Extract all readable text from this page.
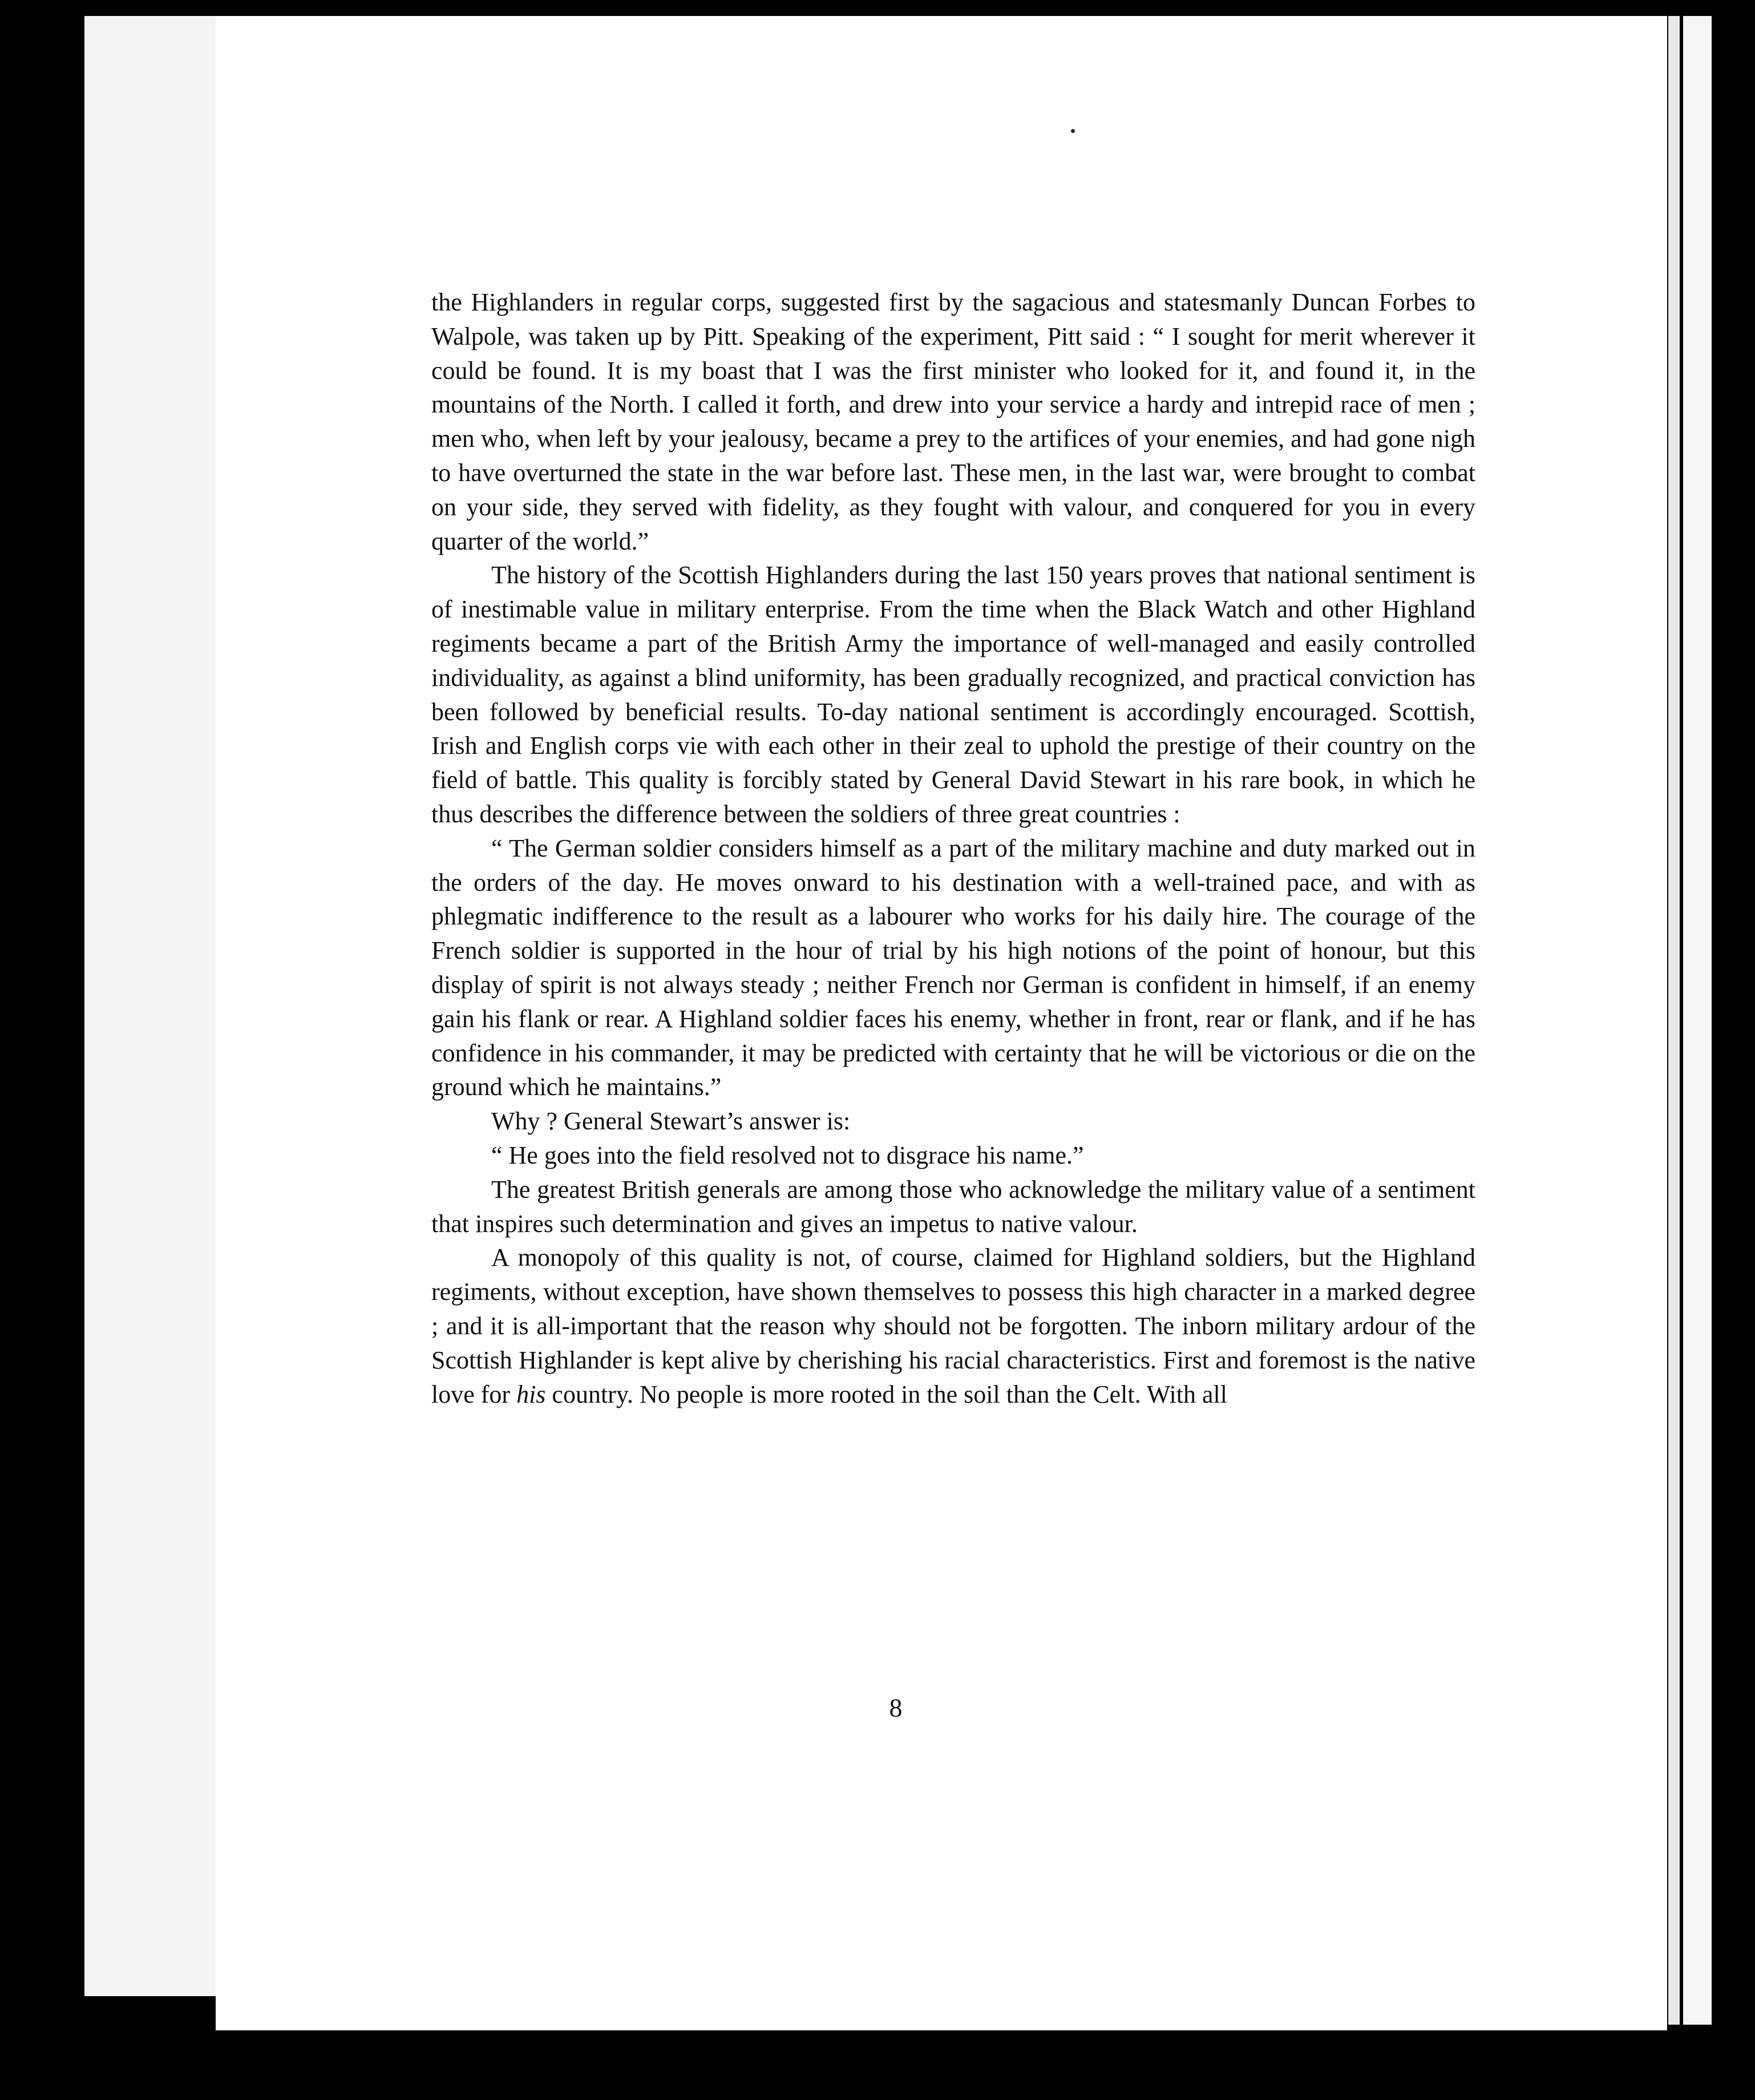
the Highlanders in regular corps, suggested first by the sagacious and statesmanly Duncan Forbes to Walpole, was taken up by Pitt. Speaking of the experiment, Pitt said : “ I sought for merit wherever it could be found. It is my boast that I was the first minister who looked for it, and found it, in the mountains of the North. I called it forth, and drew into your service a hardy and intrepid race of men ; men who, when left by your jealousy, became a prey to the artifices of your enemies, and had gone nigh to have overturned the state in the war before last. These men, in the last war, were brought to combat on your side, they served with fidelity, as they fought with valour, and conquered for you in every quarter of the world.”

The history of the Scottish Highlanders during the last 150 years proves that national sentiment is of inestimable value in military enterprise. From the time when the Black Watch and other Highland regiments became a part of the British Army the importance of well-managed and easily controlled individuality, as against a blind uniformity, has been gradually recognized, and practical conviction has been followed by beneficial results. To-day national sentiment is accordingly encouraged. Scottish, Irish and English corps vie with each other in their zeal to uphold the prestige of their country on the field of battle. This quality is forcibly stated by General David Stewart in his rare book, in which he thus describes the difference between the soldiers of three great countries :

“ The German soldier considers himself as a part of the military machine and duty marked out in the orders of the day. He moves onward to his destination with a well-trained pace, and with as phlegmatic indifference to the result as a labourer who works for his daily hire. The courage of the French soldier is supported in the hour of trial by his high notions of the point of honour, but this display of spirit is not always steady ; neither French nor German is confident in himself, if an enemy gain his flank or rear. A Highland soldier faces his enemy, whether in front, rear or flank, and if he has confidence in his commander, it may be predicted with certainty that he will be victorious or die on the ground which he maintains.”

Why ? General Stewart’s answer is:

“ He goes into the field resolved not to disgrace his name.”

The greatest British generals are among those who acknowledge the military value of a sentiment that inspires such determination and gives an impetus to native valour.

A monopoly of this quality is not, of course, claimed for Highland soldiers, but the Highland regiments, without exception, have shown themselves to possess this high character in a marked degree ; and it is all-important that the reason why should not be forgotten. The inborn military ardour of the Scottish Highlander is kept alive by cherishing his racial characteristics. First and foremost is the native love for his country. No people is more rooted in the soil than the Celt. With all

8
